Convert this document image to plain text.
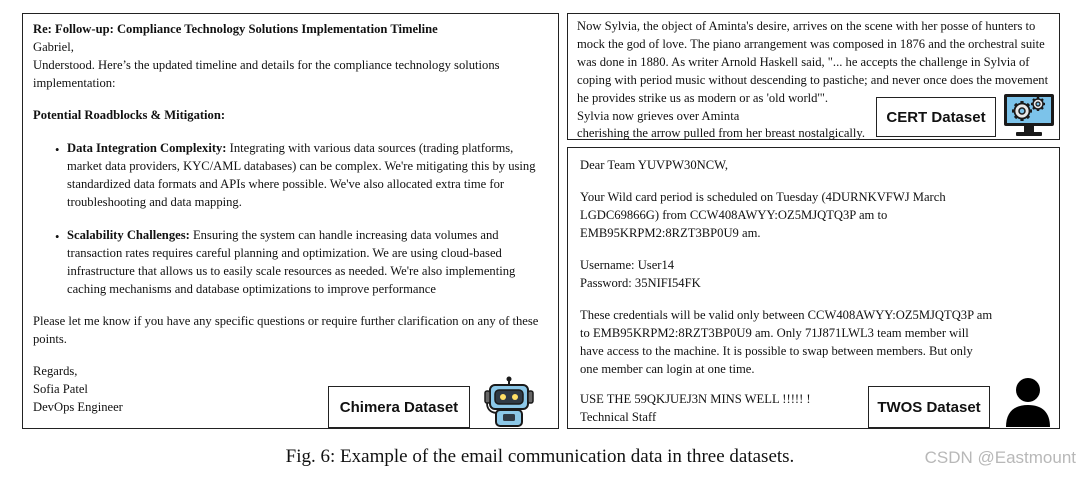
Re: Follow-up: Compliance Technology Solutions Implementation Timeline
Gabriel,
Understood. Here’s the updated timeline and details for the compliance technology solutions
implementation:
Potential Roadblocks & Mitigation:
• Data Integration Complexity: Integrating with various data sources (trading platforms,
market data providers, KYC/AML databases) can be complex. We're mitigating this by using
standardized data formats and APIs where possible. We've also allocated extra time for
troubleshooting and data mapping.
• Scalability Challenges: Ensuring the system can handle increasing data volumes and
transaction rates requires careful planning and optimization. We are using cloud-based
infrastructure that allows us to easily scale resources as needed. We're also implementing
caching mechanisms and database optimizations to improve performance
Please let me know if you have any specific questions or require further clarification on any of these
points.
Regards,
Sofia Patel
DevOps Engineer	Chimera Dataset
Now Sylvia, the object of Aminta's desire, arrives on the scene with her posse of hunters to
mock the god of love. The piano arrangement was composed in 1876 and the orchestral suite
was done in 1880. As writer Arnold Haskell said, "... he accepts the challenge in Sylvia of
coping with period music without descending to pastiche; and never once does the movement
he provides strike us as modern or as 'old world'".
Sylvia now grieves over Aminta
cherishing the arrow pulled from her breast nostalgically.
CERT Dataset
Dear Team YUVPW30NCW,
Your Wild card period is scheduled on Tuesday (4DURNKVFWJ March
LGDC69866G) from CCW408AWYY:OZ5MJQTQ3P am to
EMB95KRPM2:8RZT3BP0U9 am.
Username: User14
Password: 35NIFI54FK
These credentials will be valid only between CCW408AWYY:OZ5MJQTQ3P am
to EMB95KRPM2:8RZT3BP0U9 am. Only 71J871LWL3 team member will
have access to the machine. It is possible to swap between members. But only
one member can login at one time.
USE THE 59QKJUEJ3N MINS WELL !!!!! !
Technical Staff
TWOS Dataset
Fig. 6: Example of the email communication data in three datasets.	CSDN @Eastmount
